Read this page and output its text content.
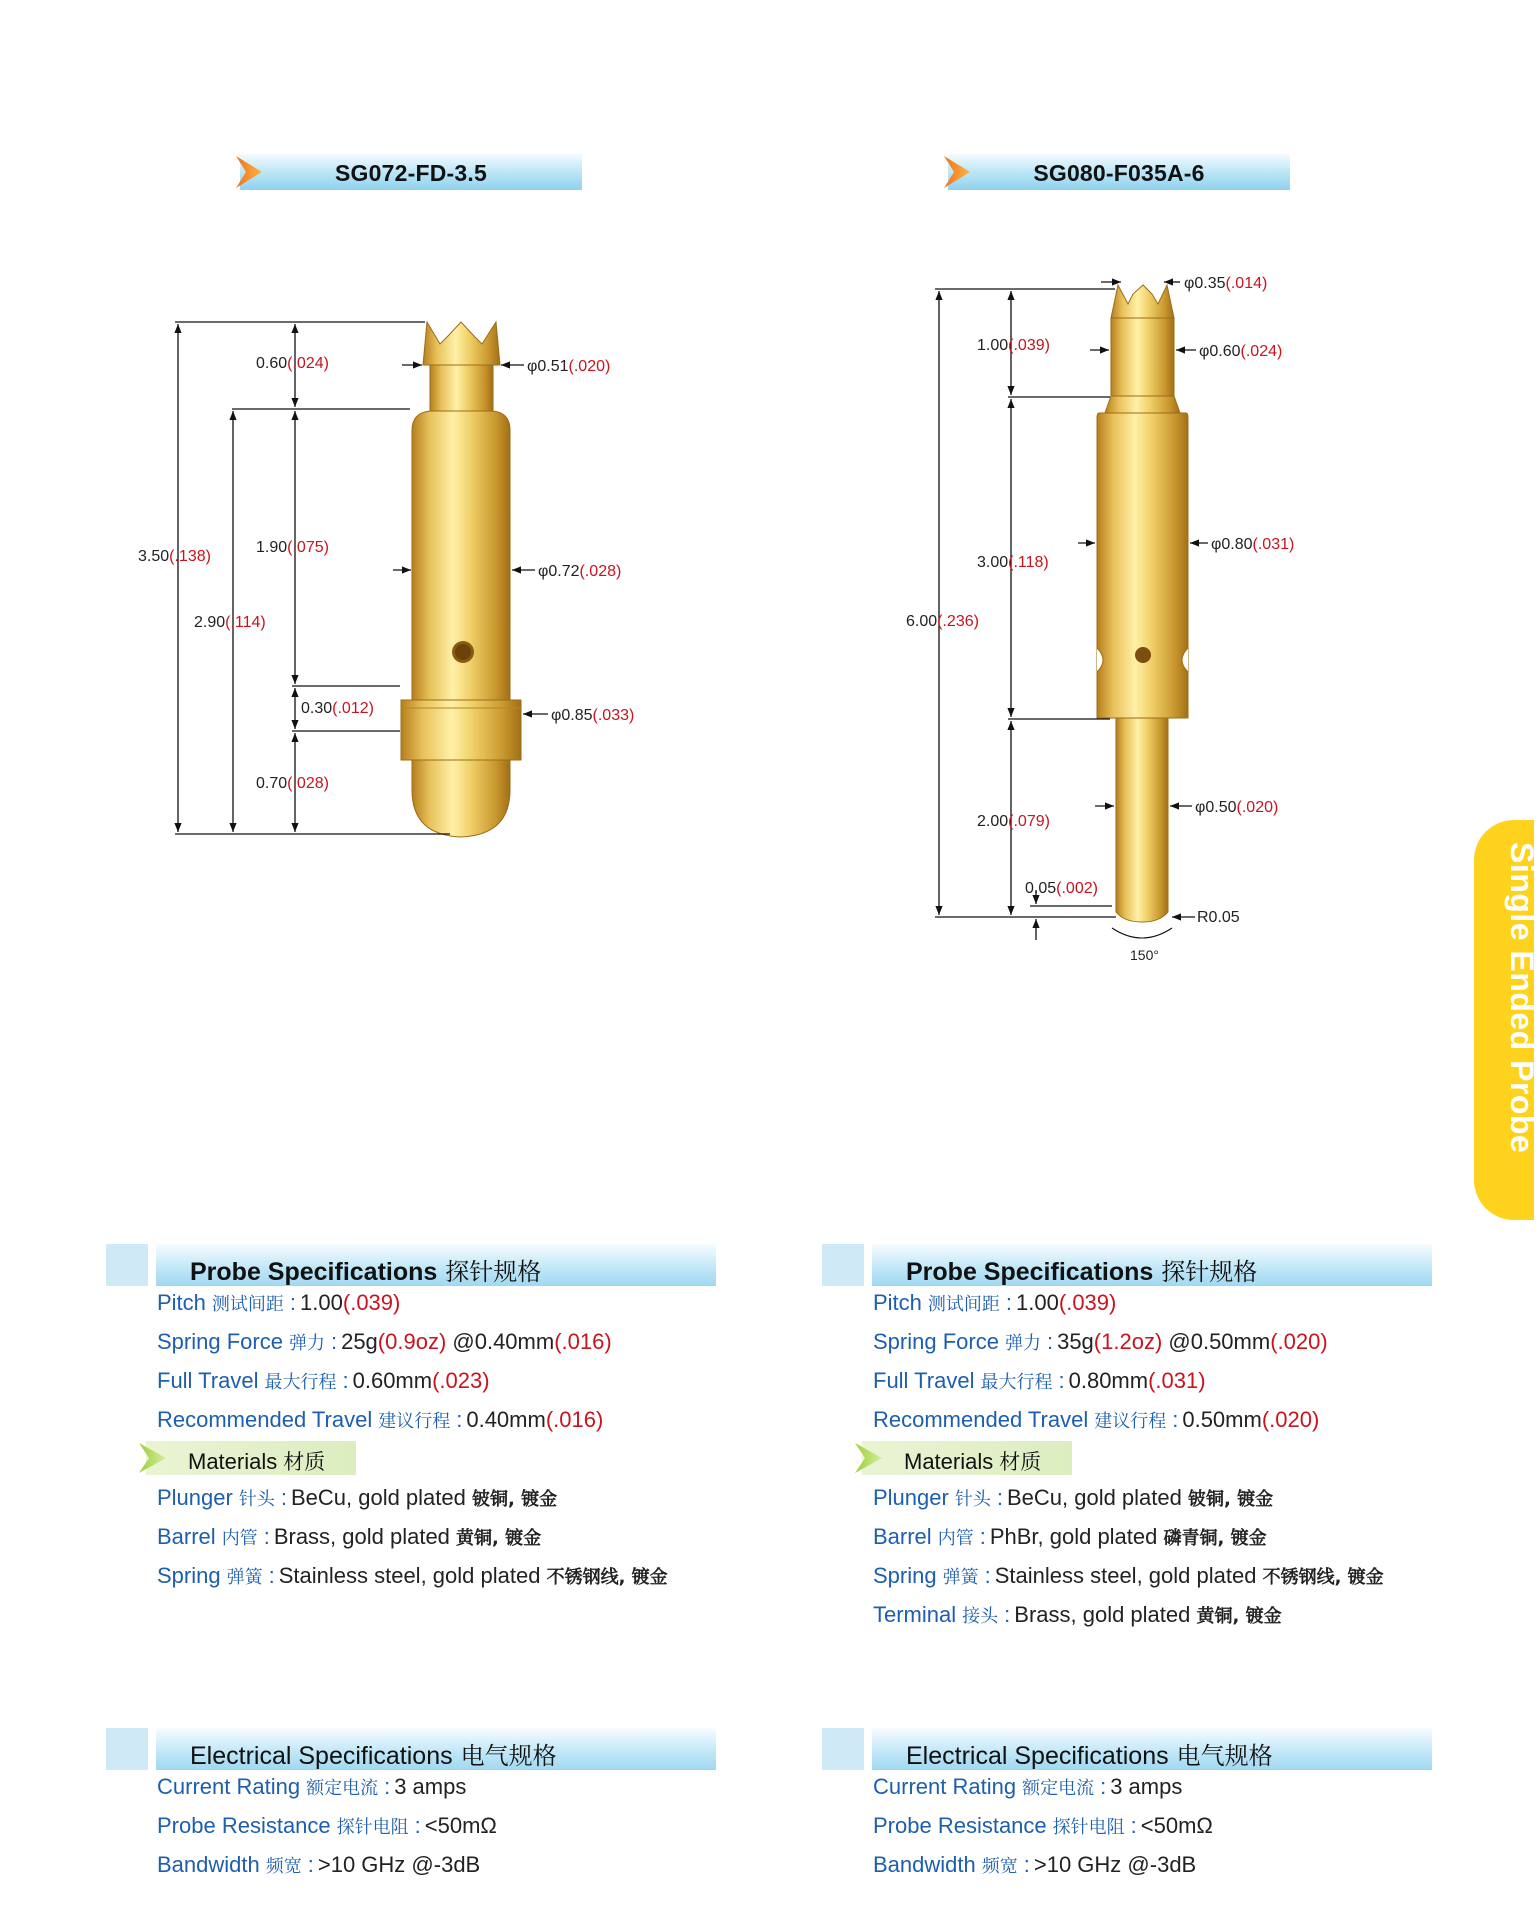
SG072-FD-3.5	SG080-F035A-6
0.60(.024)
1.90(.075)
3.50(.138)
2.90(.114)
0.30(.012)
0.70(.028)
φ0.51(.020)
φ0.72(.028)
φ0.85(.033)
1.00(.039)
3.00(.118)
6.00(.236)
2.00(.079)
0.05(.002)
φ0.35(.014)
φ0.60(.024)
φ0.80(.031)
φ0.50(.020)
R0.05
150°	Single Ended Probe
Probe Specifications 探针规格
Pitch 测试间距 : 1.00(.039)
Spring Force 弹力 : 25g(0.9oz) @0.40mm(.016)
Full Travel 最大行程 : 0.60mm(.023)
Recommended Travel 建议行程 : 0.40mm(.016)
Materials 材质
Plunger 针头 : BeCu, gold plated 铍铜, 镀金
Barrel 内管 : Brass, gold plated 黄铜, 镀金
Spring 弹簧 : Stainless steel, gold plated 不锈钢线, 镀金
Electrical Specifications 电气规格
Current Rating 额定电流 : 3 amps
Probe Resistance 探针电阻 : <50mΩ
Bandwidth 频宽 : >10 GHz @-3dB
Probe Specifications 探针规格
Pitch 测试间距 : 1.00(.039)
Spring Force 弹力 : 35g(1.2oz) @0.50mm(.020)
Full Travel 最大行程 : 0.80mm(.031)
Recommended Travel 建议行程 : 0.50mm(.020)
Materials 材质
Plunger 针头 : BeCu, gold plated 铍铜, 镀金
Barrel 内管 : PhBr, gold plated 磷青铜, 镀金
Spring 弹簧 : Stainless steel, gold plated 不锈钢线, 镀金
Terminal 接头 : Brass, gold plated 黄铜, 镀金
Electrical Specifications 电气规格
Current Rating 额定电流 : 3 amps
Probe Resistance 探针电阻 : <50mΩ
Bandwidth 频宽 : >10 GHz @-3dB
